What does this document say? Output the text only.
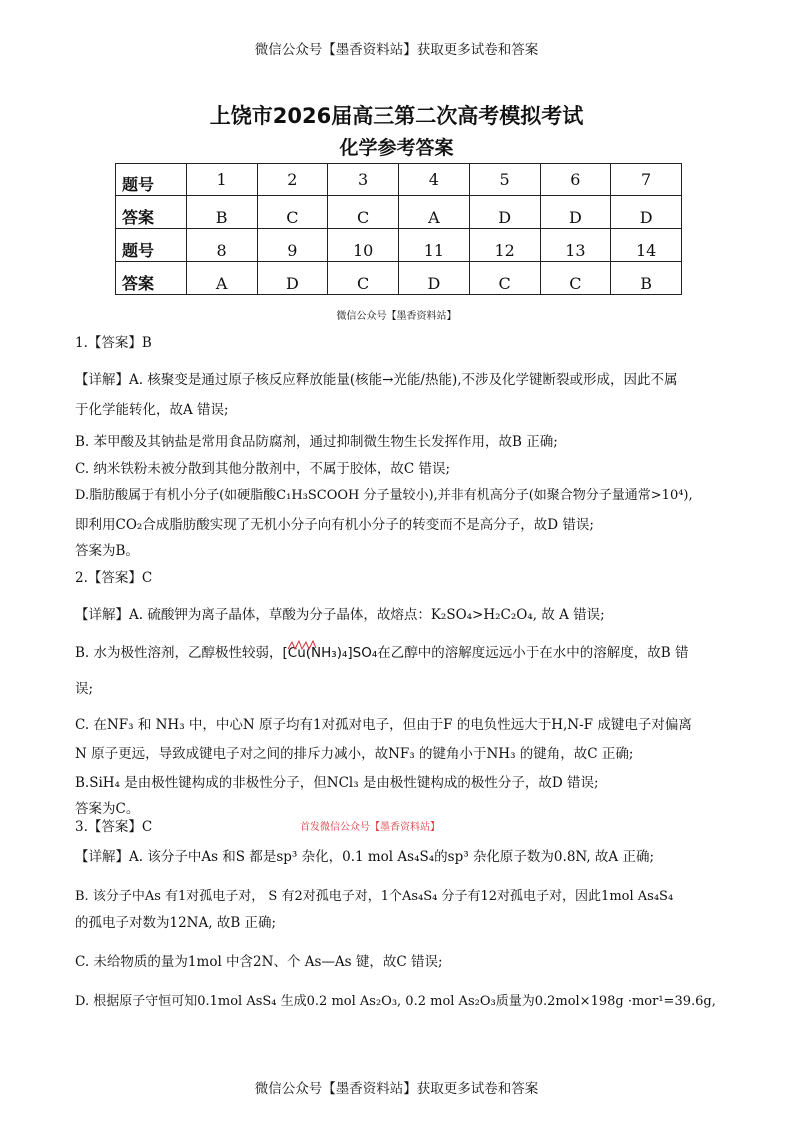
微信公众号【墨香资料站】获取更多试卷和答案
上饶市2026届高三第二次高考模拟考试
化学参考答案
题号	1	2	3	4	5	6	7
答案	B	C	C	A	D	D	D
题号	8	9	10	11	12	13	14
答案	A	D	C	D	C	C	B
微信公众号【墨香资料站】
1.【答案】B
【详解】A. 核聚变是通过原子核反应释放能量(核能→光能/热能),不涉及化学键断裂或形成，因此不属
于化学能转化，故A 错误;
B. 苯甲酸及其钠盐是常用食品防腐剂，通过抑制微生物生长发挥作用，故B 正确;
C. 纳米铁粉未被分散到其他分散剂中，不属于胶体，故C 错误;
D.脂肪酸属于有机小分子(如硬脂酸C₁H₃SCOOH 分子量较小),并非有机高分子(如聚合物分子量通常>10⁴),
即利用CO₂合成脂肪酸实现了无机小分子向有机小分子的转变而不是高分子，故D 错误;
答案为B。
2.【答案】C
【详解】A. 硫酸钾为离子晶体，草酸为分子晶体，故熔点：K₂SO₄>H₂C₂O₄, 故 A 错误;
B. 水为极性溶剂，乙醇极性较弱，
[Cu(NH₃)₄]SO₄在乙醇中的溶解度远远小于在水中的溶解度，故B 错
误;
C. 在NF₃ 和 NH₃ 中，中心N 原子均有1对孤对电子，但由于F 的电负性远大于H,N-F 成键电子对偏离
N 原子更远，导致成键电子对之间的排斥力减小，故NF₃ 的键角小于NH₃ 的键角，故C 正确;
B.SiH₄ 是由极性键构成的非极性分子，但NCl₃ 是由极性键构成的极性分子，故D 错误;
答案为C。
3.【答案】C	首发微信公众号【墨香资料站】
【详解】A. 该分子中As 和S 都是sp³ 杂化，0.1 mol As₄S₄的sp³ 杂化原子数为0.8N, 故A 正确;
B. 该分子中As 有1对孤电子对， S 有2对孤电子对，1个As₄S₄ 分子有12对孤电子对，因此1mol As₄S₄
的孤电子对数为12NA, 故B 正确;
C. 未给物质的量为1mol 中含2N、个 As—As 键，故C 错误;
D. 根据原子守恒可知0.1mol AsS₄ 生成0.2 mol As₂O₃, 0.2 mol As₂O₃质量为0.2mol×198g ·mor¹=39.6g,
微信公众号【墨香资料站】获取更多试卷和答案
